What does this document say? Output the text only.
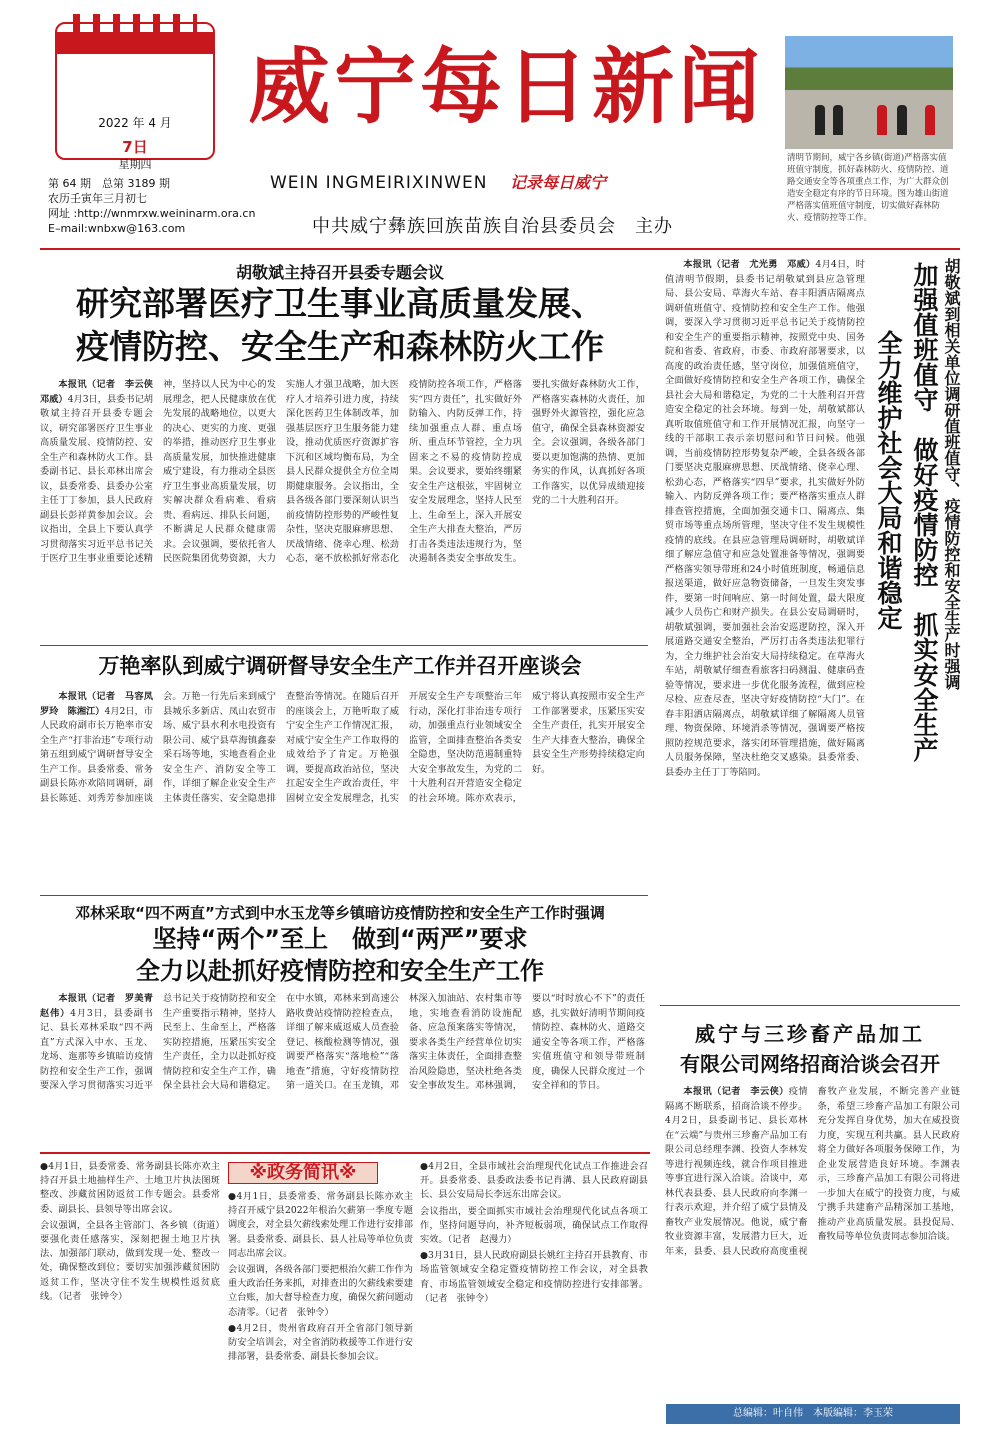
2022 年 4 月
7日
星期四
第 64 期　总第 3189 期
农历壬寅年三月初七
网址 :http://wnmrxw.weininarm.ora.cn
E–mail:wnbxw@163.com
威宁每日新闻
WEIN INGMEIRIXINWEN 记录每日威宁
中共威宁彝族回族苗族自治县委员会　主办
清明节期间，威宁各乡镇(街道)严格落实值班值守制度，抓好森林防火、疫情防控、道路交通安全等各项重点工作，为广大群众创造安全稳定有序的节日环境。图为雄山街道严格落实值班值守制度，切实做好森林防火、疫情防控等工作。
胡敬斌主持召开县委专题会议
研究部署医疗卫生事业高质量发展、
疫情防控、安全生产和森林防火工作

本报讯（记者　李云侠　邓威）4月3日，县委书记胡敬斌主持召开县委专题会议，研究部署医疗卫生事业高质量发展、疫情防控、安全生产和森林防火工作。县委副书记、县长邓林出席会议，县委常委、县委办公室主任丁丁参加，县人民政府副县长彭祥黄参加会议。会议指出，全县上下要认真学习贯彻落实习近平总书记关于医疗卫生事业重要论述精神，坚持以人民为中心的发展理念，把人民健康放在优先发展的战略地位，以更大的决心、更实的力度、更强的举措，推动医疗卫生事业高质量发展，加快推进健康威宁建设，有力推动全县医疗卫生事业高质量发展，切实解决群众看病难、看病贵、看病远、排队长问题，不断满足人民群众健康需求。会议强调，要依托省人民医院集团优势资源，大力实施人才强卫战略，加大医疗人才培养引进力度，持续深化医药卫生体制改革，加强基层医疗卫生服务能力建设，推动优质医疗资源扩容下沉和区域均衡布局，为全县人民群众提供全方位全周期健康服务。会议指出，全县各级各部门要深刻认识当前疫情防控形势的严峻性复杂性，坚决克服麻痹思想、厌战情绪、侥幸心理、松劲心态，毫不放松抓好常态化疫情防控各项工作，严格落实“四方责任”，扎实做好外防输入、内防反弹工作，持续加强重点人群、重点场所、重点环节管控，全力巩固来之不易的疫情防控成果。会议要求，要始终绷紧安全生产这根弦，牢固树立安全发展理念，坚持人民至上、生命至上，深入开展安全生产大排查大整治，严厉打击各类违法违规行为，坚决遏制各类安全事故发生。要扎实做好森林防火工作，严格落实森林防火责任，加强野外火源管控，强化应急值守，确保全县森林资源安全。会议强调，各级各部门要以更加饱满的热情、更加务实的作风，认真抓好各项工作落实，以优异成绩迎接党的二十大胜利召开。

万艳率队到威宁调研督导安全生产工作并召开座谈会

本报讯（记者　马容凤　罗玲　陈湘江）4月2日，市人民政府副市长万艳率市安全生产“打非治违”专项行动第五组到威宁调研督导安全生产工作。县委常委、常务副县长陈亦欢陪同调研，副县长陈延、刘秀芳参加座谈会。万艳一行先后来到威宁县城乐多新店、凤山农贸市场、威宁县水利水电投资有限公司、威宁县草海镇鑫泰采石场等地，实地查看企业安全生产、消防安全等工作，详细了解企业安全生产主体责任落实、安全隐患排查整治等情况。在随后召开的座谈会上，万艳听取了威宁安全生产工作情况汇报，对威宁安全生产工作取得的成效给予了肯定。万艳强调，要提高政治站位，坚决扛起安全生产政治责任，牢固树立安全发展理念，扎实开展安全生产专项整治三年行动，深化打非治违专项行动，加强重点行业领域安全监管，全面排查整治各类安全隐患，坚决防范遏制重特大安全事故发生，为党的二十大胜利召开营造安全稳定的社会环境。陈亦欢表示，威宁将认真按照市安全生产工作部署要求，压紧压实安全生产责任，扎实开展安全生产大排查大整治，确保全县安全生产形势持续稳定向好。

邓林采取“四不两直”方式到中水玉龙等乡镇暗访疫情防控和安全生产工作时强调
坚持“两个”至上　做到“两严”要求
全力以赴抓好疫情防控和安全生产工作

本报讯（记者　罗美青　赵伟）4月3日，县委副书记、县长邓林采取“四不两直”方式深入中水、玉龙、龙场、迤那等乡镇暗访疫情防控和安全生产工作，强调要深入学习贯彻落实习近平总书记关于疫情防控和安全生产重要指示精神，坚持人民至上、生命至上，严格落实防控措施，压紧压实安全生产责任，全力以赴抓好疫情防控和安全生产工作，确保全县社会大局和谐稳定。在中水镇，邓林来到高速公路收费站疫情防控检查点，详细了解来威返威人员查验登记、核酸检测等情况，强调要严格落实“落地检”“落地查”措施，守好疫情防控第一道关口。在玉龙镇，邓林深入加油站、农村集市等地，实地查看消防设施配备、应急预案落实等情况，要求各类生产经营单位切实落实主体责任，全面排查整治风险隐患，坚决杜绝各类安全事故发生。邓林强调，要以“时时放心不下”的责任感，扎实做好清明节期间疫情防控、森林防火、道路交通安全等各项工作，严格落实值班值守和领导带班制度，确保人民群众度过一个安全祥和的节日。

胡敬斌到相关单位调研值班值守、疫情防控和安全生产时强调
加强值班值守　做好疫情防控　抓实安全生产
全力维护社会大局和谐稳定

本报讯（记者　尤光勇　邓威）4月4日，时值清明节假期，县委书记胡敬斌到县应急管理局、县公安局、草海火车站、春丰阳洒店隔离点调研值班值守、疫情防控和安全生产工作。他强调，要深入学习贯彻习近平总书记关于疫情防控和安全生产的重要指示精神，按照党中央、国务院和省委、省政府，市委、市政府部署要求，以高度的政治责任感，坚守岗位，加强值班值守，全面做好疫情防控和安全生产各项工作，确保全县社会大局和谐稳定，为党的二十大胜利召开营造安全稳定的社会环境。每到一处，胡敬斌都认真听取值班值守和工作开展情况汇报，向坚守一线的干部职工表示亲切慰问和节日问候。他强调，当前疫情防控形势复杂严峻，全县各级各部门要坚决克服麻痹思想、厌战情绪、侥幸心理、松劲心态，严格落实“四早”要求，扎实做好外防输入、内防反弹各项工作；要严格落实重点人群排查管控措施，全面加强交通卡口、隔离点、集贸市场等重点场所管理，坚决守住不发生规模性疫情的底线。在县应急管理局调研时，胡敬斌详细了解应急值守和应急处置准备等情况，强调要严格落实领导带班和24小时值班制度，畅通信息报送渠道，做好应急物资储备，一旦发生突发事件，要第一时间响应、第一时间处置，最大限度减少人员伤亡和财产损失。在县公安局调研时，胡敬斌强调，要加强社会治安巡逻防控，深入开展道路交通安全整治，严厉打击各类违法犯罪行为，全力维护社会治安大局持续稳定。在草海火车站，胡敬斌仔细查看旅客扫码测温、健康码查验等情况，要求进一步优化服务流程，做到应检尽检、应查尽查，坚决守好疫情防控“大门”。在春丰阳洒店隔离点，胡敬斌详细了解隔离人员管理、物资保障、环境消杀等情况，强调要严格按照防控规范要求，落实闭环管理措施，做好隔离人员服务保障，坚决杜绝交叉感染。县委常委、县委办主任丁丁等陪同。

威宁与三珍畜产品加工
有限公司网络招商洽谈会召开

本报讯（记者　李云侠）疫情隔离不断联系，招商洽谈不停步。4月2日，县委副书记、县长邓林在“云端”与贵州三珍畜产品加工有限公司总经理李渊、投资人李林发等进行视频连线，就合作项目推进等事宜进行深入洽谈。洽谈中，邓林代表县委、县人民政府向李渊一行表示欢迎，并介绍了威宁县情及畜牧产业发展情况。他说，威宁畜牧业资源丰富，发展潜力巨大，近年来，县委、县人民政府高度重视畜牧产业发展，不断完善产业链条，希望三珍畜产品加工有限公司充分发挥自身优势，加大在威投资力度，实现互利共赢。县人民政府将全力做好各项服务保障工作，为企业发展营造良好环境。李渊表示，三珍畜产品加工有限公司将进一步加大在威宁的投资力度，与威宁携手共建畜产品精深加工基地，推动产业高质量发展。县投促局、畜牧局等单位负责同志参加洽谈。

※政务简讯※

●4月1日，县委常委、常务副县长陈亦欢主持召开县土地抽样生产、土地卫片执法图斑整改、涉藏贫困防返贫工作专题会。县委常委、副县长、县领导等出席会议。

会议强调，全县各主管部门、各乡镇（街道）要强化责任感落实，深刻把握土地卫片执法、加强部门联动，做到发现一处、整改一处，确保整改到位；要切实加强涉藏贫困防返贫工作，坚决守住不发生规模性返贫底线。（记者　张钟令）

●4月1日，县委常委、常务副县长陈亦欢主持召开威宁县2022年根治欠薪第一季度专题调度会，对全县欠薪线索处理工作进行安排部署。县委常委、副县长、县人社局等单位负责同志出席会议。

会议强调，各级各部门要把根治欠薪工作作为重大政治任务来抓，对排查出的欠薪线索要建立台账，加大督导检查力度，确保欠薪问题动态清零。（记者　张钟令）

●4月2日，贵州省政府召开全省部门领导新防安全培训会，对全省消防救援等工作进行安排部署，县委常委、副县长参加会议。

●4月2日，全县市域社会治理现代化试点工作推进会召开。县委常委、县委政法委书记肖溝、县人民政府副县长、县公安局局长李远东出席会议。

会议指出，要全面抓实市域社会治理现代化试点各项工作，坚持问题导向，补齐短板弱项，确保试点工作取得实效。（记者　赵漫力）

●3月31日，县人民政府副县长姚红主持召开县教育、市场监管领域安全稳定暨疫情防控工作会议，对全县教育、市场监管领域安全稳定和疫情防控进行安排部署。（记者　张钟令）

总编辑：叶自伟　本版编辑：李玉荣
